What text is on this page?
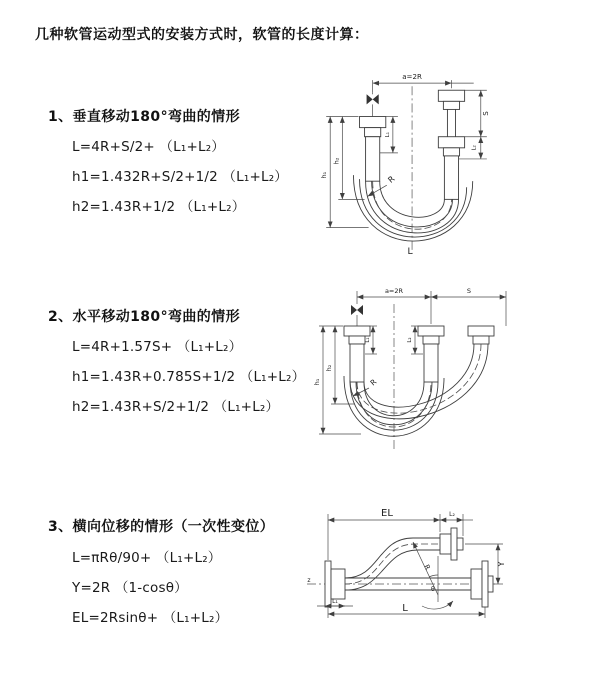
几种软管运动型式的安装方式时，软管的长度计算：
1、垂直移动180°弯曲的情形
L=4R+S/2+ （L₁+L₂）
h1=1.432R+S/2+1/2 （L₁+L₂）
h2=1.43R+1/2 （L₁+L₂）
a=2R
h₁
h₂
L₁
S
L₂
R
L
2、水平移动180°弯曲的情形
L=4R+1.57S+ （L₁+L₂）
h1=1.43R+0.785S+1/2 （L₁+L₂）
h2=1.43R+S/2+1/2 （L₁+L₂）
a=2R	S
h₁
h₂
L₁	L₂
R
3、横向位移的情形（一次性变位）
L=πRθ/90+ （L₁+L₂）
Y=2R （1-cosθ）
EL=2Rsinθ+ （L₁+L₂）
z
EL	L₂
Y
L
L₁
R
θ
